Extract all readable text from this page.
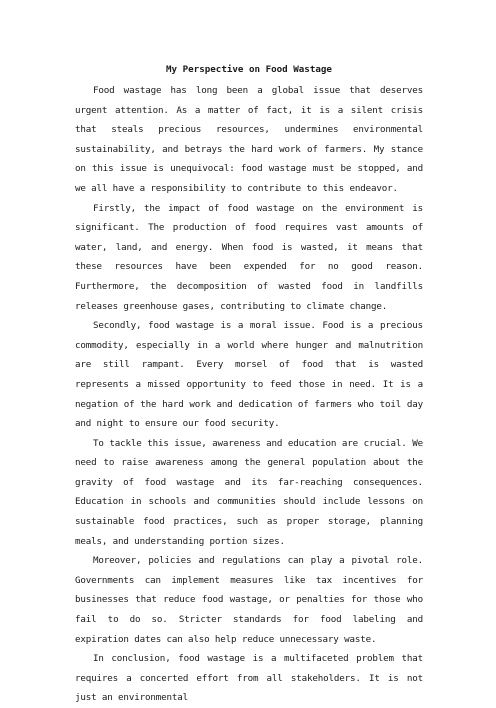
My Perspective on Food Wastage

Food wastage has long been a global issue that deserves urgent attention. As a matter of fact, it is a silent crisis that steals precious resources, undermines environmental sustainability, and betrays the hard work of farmers. My stance on this issue is unequivocal: food wastage must be stopped, and we all have a responsibility to contribute to this endeavor.

Firstly, the impact of food wastage on the environment is significant. The production of food requires vast amounts of water, land, and energy. When food is wasted, it means that these resources have been expended for no good reason. Furthermore, the decomposition of wasted food in landfills releases greenhouse gases, contributing to climate change.

Secondly, food wastage is a moral issue. Food is a precious commodity, especially in a world where hunger and malnutrition are still rampant. Every morsel of food that is wasted represents a missed opportunity to feed those in need. It is a negation of the hard work and dedication of farmers who toil day and night to ensure our food security.

To tackle this issue, awareness and education are crucial. We need to raise awareness among the general population about the gravity of food wastage and its far-reaching consequences. Education in schools and communities should include lessons on sustainable food practices, such as proper storage, planning meals, and understanding portion sizes.

Moreover, policies and regulations can play a pivotal role. Governments can implement measures like tax incentives for businesses that reduce food wastage, or penalties for those who fail to do so. Stricter standards for food labeling and expiration dates can also help reduce unnecessary waste.

In conclusion, food wastage is a multifaceted problem that requires a concerted effort from all stakeholders. It is not just an environmental
